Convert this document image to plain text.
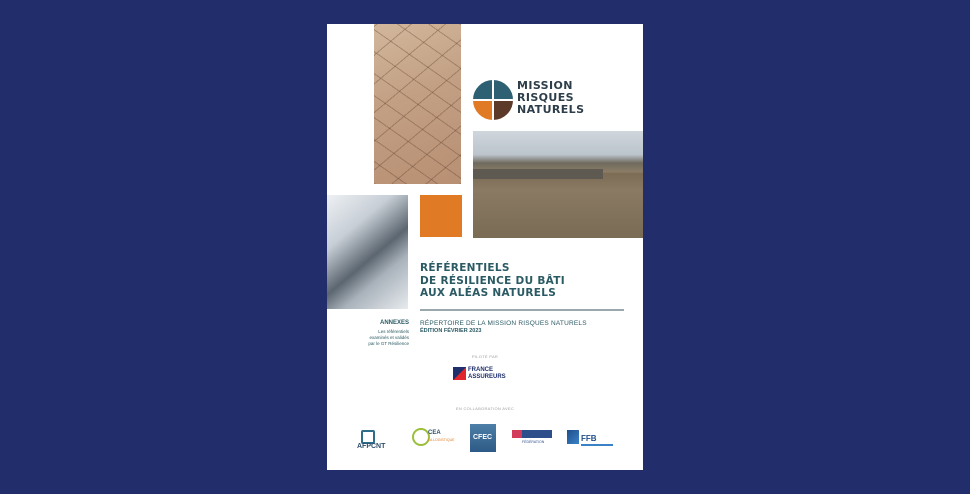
MISSION
RISQUES
NATURELS
RÉFÉRENTIELS
DE RÉSILIENCE DU BÂTI
AUX ALÉAS NATURELS
RÉPERTOIRE DE LA MISSION RISQUES NATURELS
ÉDITION FÉVRIER 2023
ANNEXES
Les référentiels
examinés et validés
par le GT Résilience
PILOTÉ PAR
FRANCE
ASSUREURS
EN COLLABORATION AVEC
AFPCNT
CEA
LA LOGISTIQUE	CFEC
FÉDÉRATION	FFB
